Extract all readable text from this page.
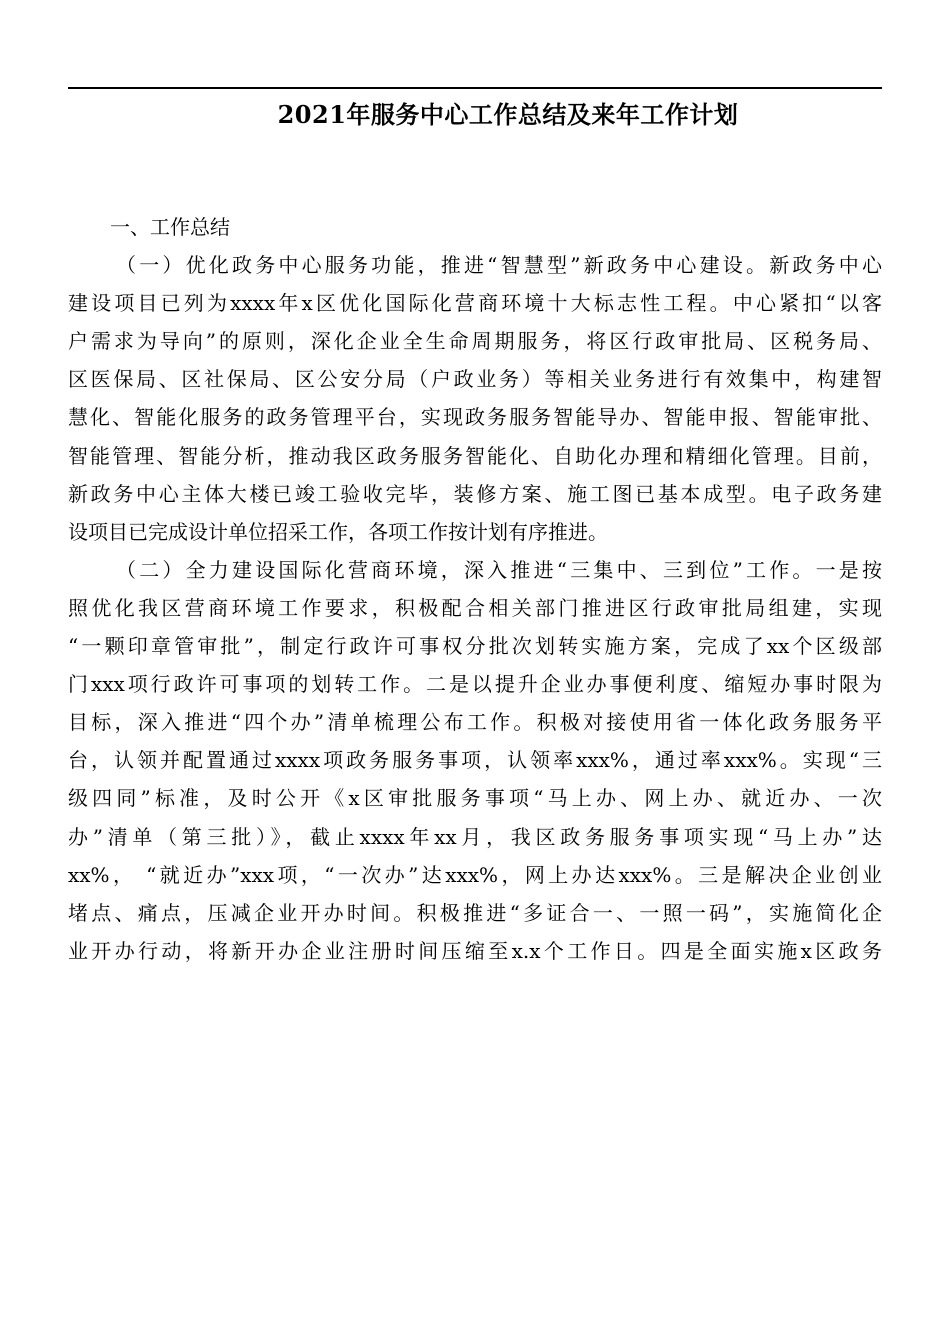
2021年服务中心工作总结及来年工作计划
一、工作总结
（一）优化政务中心服务功能，推进“智慧型”新政务中心建设。新政务中心
建设项目已列为xxxx年x区优化国际化营商环境十大标志性工程。中心紧扣“以客
户需求为导向”的原则，深化企业全生命周期服务，将区行政审批局、区税务局、
区医保局、区社保局、区公安分局（户政业务）等相关业务进行有效集中，构建智
慧化、智能化服务的政务管理平台，实现政务服务智能导办、智能申报、智能审批、
智能管理、智能分析，推动我区政务服务智能化、自助化办理和精细化管理。目前，
新政务中心主体大楼已竣工验收完毕，装修方案、施工图已基本成型。电子政务建
设项目已完成设计单位招采工作，各项工作按计划有序推进。
（二）全力建设国际化营商环境，深入推进“三集中、三到位”工作。一是按
照优化我区营商环境工作要求，积极配合相关部门推进区行政审批局组建，实现
“一颗印章管审批”，制定行政许可事权分批次划转实施方案，完成了xx个区级部
门xxx项行政许可事项的划转工作。二是以提升企业办事便利度、缩短办事时限为
目标，深入推进“四个办”清单梳理公布工作。积极对接使用省一体化政务服务平
台，认领并配置通过xxxx项政务服务事项，认领率xxx%，通过率xxx%。实现“三
级四同”标准，及时公开《x区审批服务事项“马上办、网上办、就近办、一次
办”清单（第三批）》，截止xxxx年xx月，我区政务服务事项实现“马上办”达
xx%， “就近办”xxx项，“一次办”达xxx%，网上办达xxx%。三是解决企业创业
堵点、痛点，压减企业开办时间。积极推进“多证合一、一照一码”，实施简化企
业开办行动，将新开办企业注册时间压缩至x.x个工作日。四是全面实施x区政务
